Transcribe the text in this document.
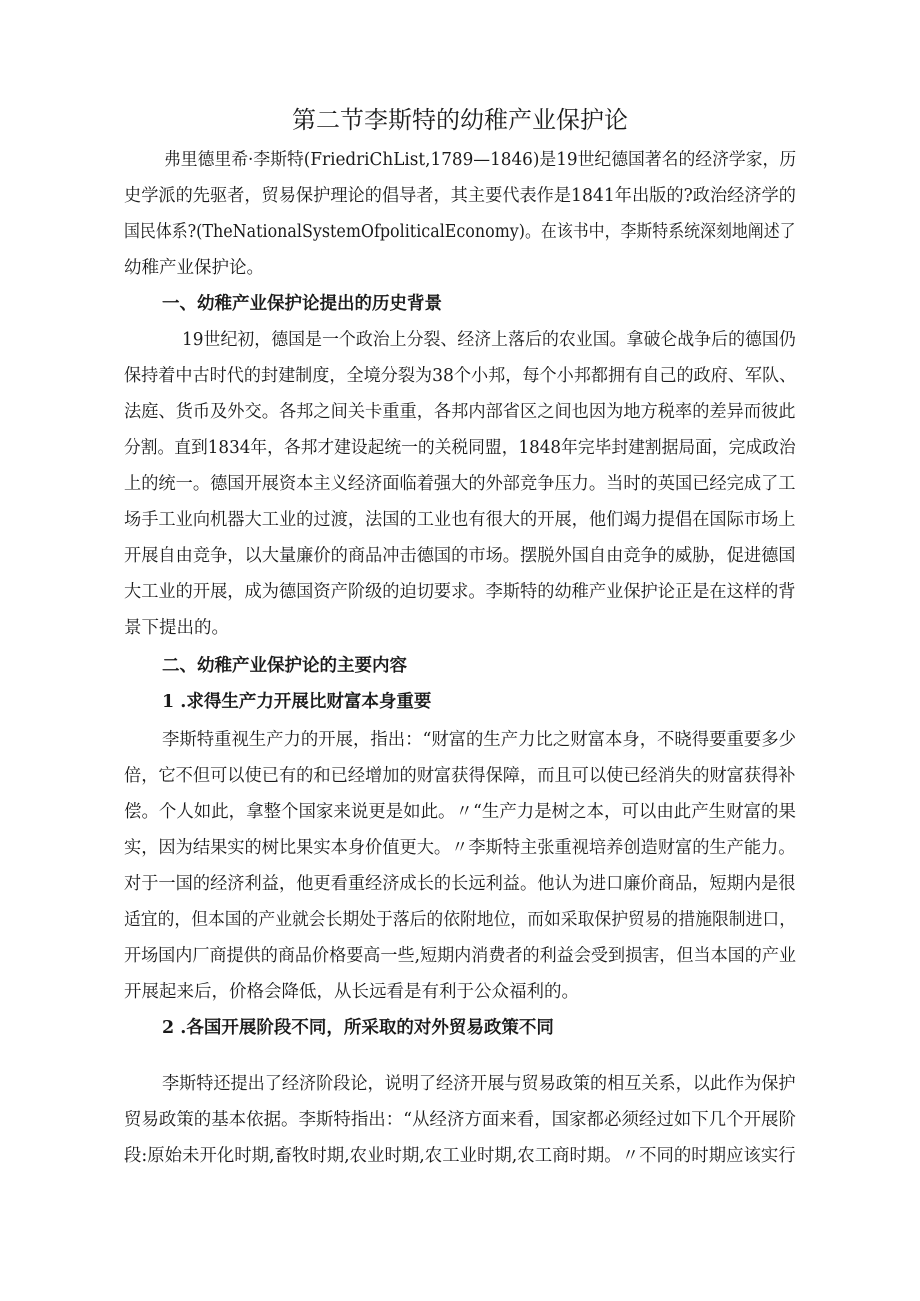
第二节李斯特的幼稚产业保护论
弗里德里希·李斯特(FriedriChList,1789—1846)是19世纪德国著名的经济学家，历
史学派的先驱者，贸易保护理论的倡导者，其主要代表作是1841年出版的?政治经济学的
国民体系?(TheNationalSystemOfpoliticalEconomy)。在该书中，李斯特系统深刻地阐述了
幼稚产业保护论。
一、幼稚产业保护论提出的历史背景
19世纪初，德国是一个政治上分裂、经济上落后的农业国。拿破仑战争后的德国仍
保持着中古时代的封建制度，全境分裂为38个小邦，每个小邦都拥有自己的政府、军队、
法庭、货币及外交。各邦之间关卡重重，各邦内部省区之间也因为地方税率的差异而彼此
分割。直到1834年，各邦才建设起统一的关税同盟，1848年完毕封建割据局面，完成政治
上的统一。德国开展资本主义经济面临着强大的外部竞争压力。当时的英国已经完成了工
场手工业向机器大工业的过渡，法国的工业也有很大的开展，他们竭力提倡在国际市场上
开展自由竞争，以大量廉价的商品冲击德国的市场。摆脱外国自由竞争的威胁，促进德国
大工业的开展，成为德国资产阶级的迫切要求。李斯特的幼稚产业保护论正是在这样的背
景下提出的。
二、幼稚产业保护论的主要内容
1 .求得生产力开展比财富本身重要
李斯特重视生产力的开展，指出：“财富的生产力比之财富本身，不晓得要重要多少
倍，它不但可以使已有的和已经增加的财富获得保障，而且可以使已经消失的财富获得补
偿。个人如此，拿整个国家来说更是如此。〃“生产力是树之本，可以由此产生财富的果
实，因为结果实的树比果实本身价值更大。〃李斯特主张重视培养创造财富的生产能力。
对于一国的经济利益，他更看重经济成长的长远利益。他认为进口廉价商品，短期内是很
适宜的，但本国的产业就会长期处于落后的依附地位，而如采取保护贸易的措施限制进口，
开场国内厂商提供的商品价格要高一些,短期内消费者的利益会受到损害，但当本国的产业
开展起来后，价格会降低，从长远看是有利于公众福利的。
2 .各国开展阶段不同，所采取的对外贸易政策不同
李斯特还提出了经济阶段论，说明了经济开展与贸易政策的相互关系，以此作为保护
贸易政策的基本依据。李斯特指出：“从经济方面来看，国家都必须经过如下几个开展阶
段:原始未开化时期,畜牧时期,农业时期,农工业时期,农工商时期。〃不同的时期应该实行
